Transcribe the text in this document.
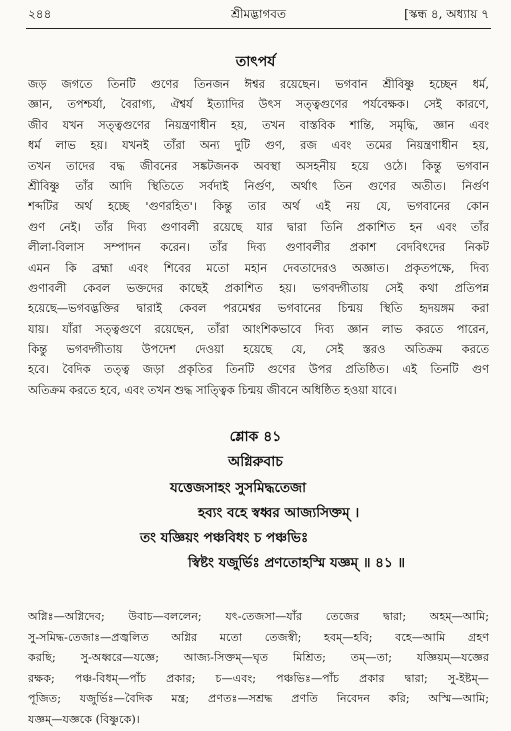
২৪৪	শ্রীমদ্ভাগবত	[স্কন্ধ ৪, অধ্যায় ৭
তাৎপর্য
জড় জগতে তিনটি গুণের তিনজন ঈশ্বর রয়েছেন। ভগবান শ্রীবিষ্ণু হচ্ছেন ধর্ম,
জ্ঞান, তপশ্চর্যা, বৈরাগ্য, ঐশ্বর্য ইত্যাদির উৎস সত্ত্বগুণের পর্যবেক্ষক। সেই কারণে,
জীব যখন সত্ত্বগুণের নিয়ন্ত্রণাধীন হয়, তখন বাস্তবিক শান্তি, সমৃদ্ধি, জ্ঞান এবং
ধর্ম লাভ হয়। যখনই তাঁরা অন্য দুটি গুণ, রজ এবং তমের নিয়ন্ত্রণাধীন হয়,
তখন তাদের বদ্ধ জীবনের সঙ্কটজনক অবস্থা অসহনীয় হয়ে ওঠে। কিন্তু ভগবান
শ্রীবিষ্ণু তাঁর আদি স্থিতিতে সর্বদাই নির্গুণ, অর্থাৎ তিন গুণের অতীত। নির্গুণ
শব্দটির অর্থ হচ্ছে 'গুণরহিত'। কিন্তু তার অর্থ এই নয় যে, ভগবানের কোন
গুণ নেই। তাঁর দিব্য গুণাবলী রয়েছে যার দ্বারা তিনি প্রকাশিত হন এবং তাঁর
লীলা-বিলাস সম্পাদন করেন। তাঁর দিব্য গুণাবলীর প্রকাশ বেদবিৎদের নিকট
এমন কি ব্রহ্মা এবং শিবের মতো মহান দেবতাদেরও অজ্ঞাত। প্রকৃতপক্ষে, দিব্য
গুণাবলী কেবল ভক্তদের কাছেই প্রকাশিত হয়। ভগবদ্গীতায় সেই কথা প্রতিপন্ন
হয়েছে—ভগবদ্ভক্তির দ্বারাই কেবল পরমেশ্বর ভগবানের চিন্ময় স্থিতি হৃদয়ঙ্গম করা
যায়। যাঁরা সত্ত্বগুণে রয়েছেন, তাঁরা আংশিকভাবে দিব্য জ্ঞান লাভ করতে পারেন,
কিন্তু ভগবদ্গীতায় উপদেশ দেওয়া হয়েছে যে, সেই স্তরও অতিক্রম করতে
হবে। বৈদিক তত্ত্ব জড়া প্রকৃতির তিনটি গুণের উপর প্রতিষ্ঠিত। এই তিনটি গুণ
অতিক্রম করতে হবে, এবং তখন শুদ্ধ সাত্ত্বিক চিন্ময় জীবনে অধিষ্ঠিত হওয়া যাবে।
শ্লোক ৪১
অগ্নিরুবাচ
যত্তেজসাহং সুসমিদ্ধতেজা
হব্যং বহে স্বধ্বর আজ্যসিক্তম্ ।
তং যজ্ঞিয়ং পঞ্চবিধং চ পঞ্চভিঃ
স্বিষ্টং যজুর্ভিঃ প্রণতোহস্মি যজ্ঞম্ ॥ ৪১ ॥
অগ্নিঃ—অগ্নিদেব; উবাচ—বললেন; যৎ-তেজসা—যাঁর তেজের দ্বারা; অহম্—আমি;
সু-সমিদ্ধ-তেজাঃ—প্রজ্বলিত অগ্নির মতো তেজস্বী; হবম্—হবি; বহে—আমি গ্রহণ
করছি; সু-অধ্বরে—যজ্ঞে; আজ্য-সিক্তম্—ঘৃত মিশ্রিত; তম্—তা; যজ্ঞিয়ম্—যজ্ঞের
রক্ষক; পঞ্চ-বিধম্—পাঁচ প্রকার; চ—এবং; পঞ্চভিঃ—পাঁচ প্রকার দ্বারা; সু-ইষ্টম্—
পূজিত; যজুর্ভিঃ—বৈদিক মন্ত্র; প্রণতঃ—সশ্রদ্ধ প্রণতি নিবেদন করি; অস্মি—আমি;
যজ্ঞম্—যজ্ঞকে (বিষ্ণুকে)।
